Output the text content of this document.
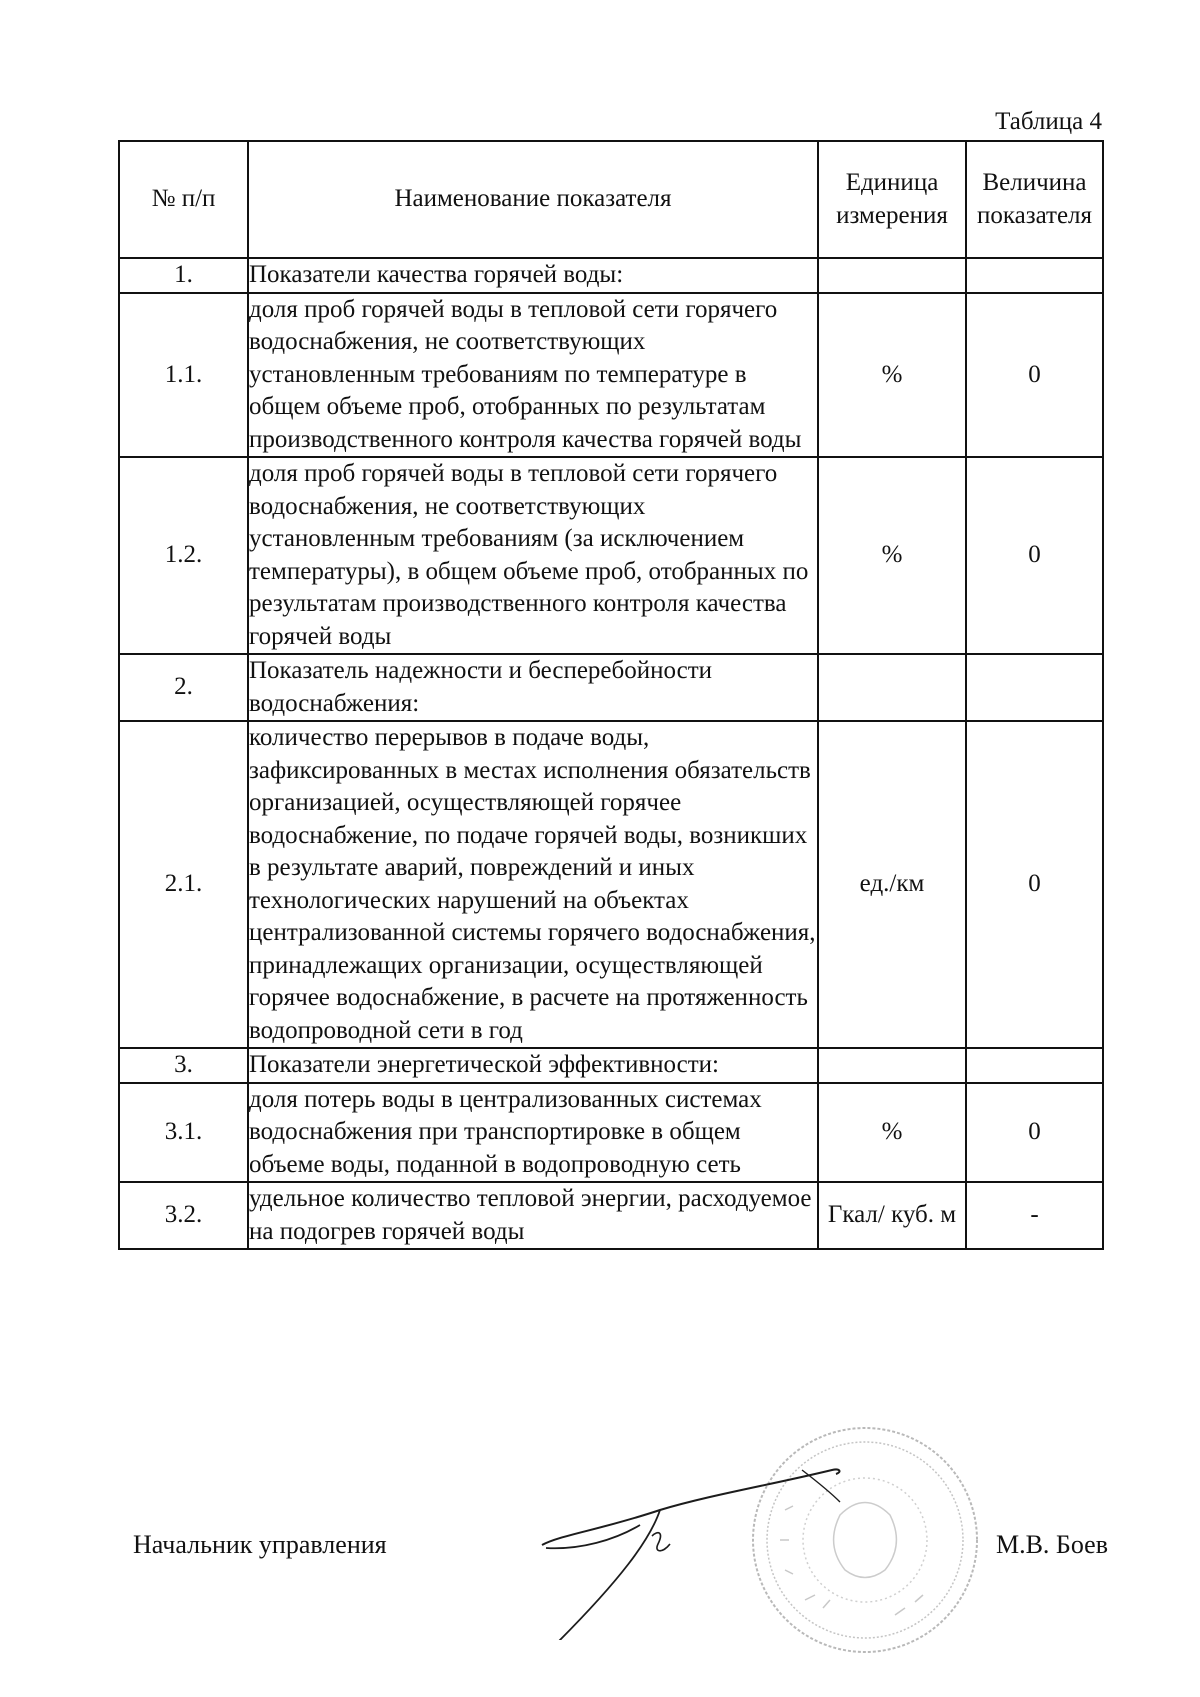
Таблица 4
№ п/п	Наименование показателя	Единица измерения	Величина показателя
1.	Показатели качества горячей воды:		
1.1.	доля проб горячей воды в тепловой сети горячего водоснабжения, не соответствующих установленным требованиям по температуре в общем объеме проб, отобранных по результатам производственного контроля качества горячей воды	%	0
1.2.	доля проб горячей воды в тепловой сети горячего водоснабжения, не соответствующих установленным требованиям (за исключением температуры), в общем объеме проб, отобранных по результатам производственного контроля качества горячей воды	%	0
2.	Показатель надежности и бесперебойности водоснабжения:		
2.1.	количество перерывов в подаче воды, зафиксированных в местах исполнения обязательств организацией, осуществляющей горячее водоснабжение, по подаче горячей воды, возникших в результате аварий, повреждений и иных технологических нарушений на объектах централизованной системы горячего водоснабжения, принадлежащих организации, осуществляющей горячее водоснабжение, в расчете на протяженность водопроводной сети в год	ед./км	0
3.	Показатели энергетической эффективности:		
3.1.	доля потерь воды в централизованных системах водоснабжения при транспортировке в общем объеме воды, поданной в водопроводную сеть	%	0
3.2.	удельное количество тепловой энергии, расходуемое на подогрев горячей воды	Гкал/ куб. м	-
Начальник управления	М.В. Боев
